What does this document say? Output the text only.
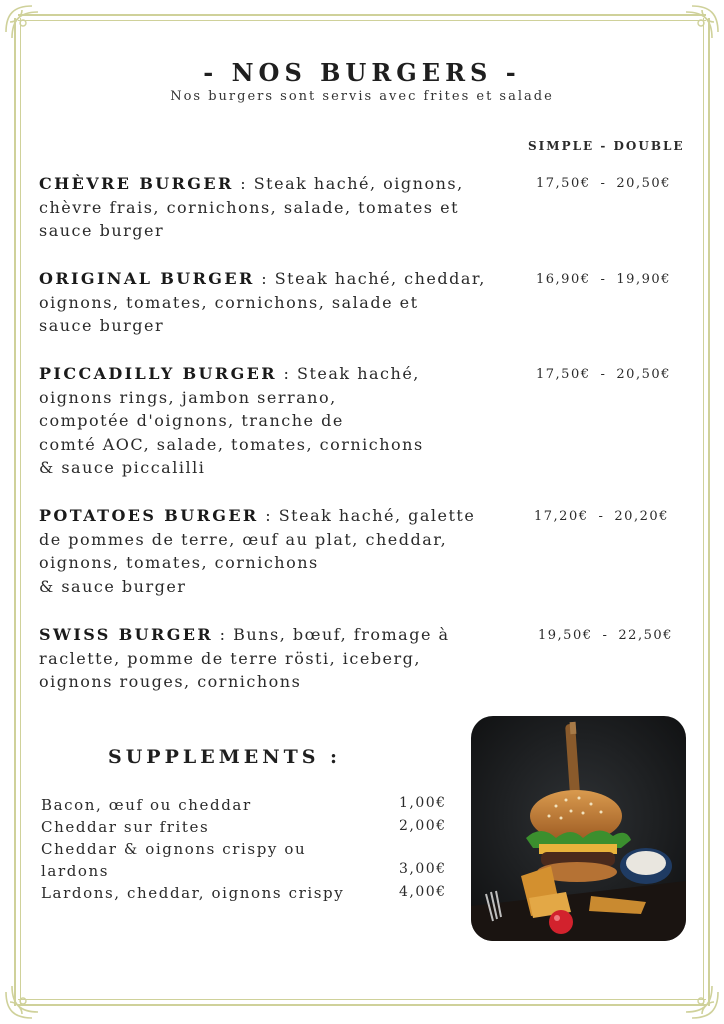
- NOS BURGERS -
Nos burgers sont servis avec frites et salade
SIMPLE - DOUBLE
CHÈVRE BURGER : Steak haché, oignons,
chèvre frais, cornichons, salade, tomates et
sauce burger
17,50€ - 20,50€
ORIGINAL BURGER : Steak haché, cheddar,
oignons, tomates, cornichons, salade et
sauce burger
16,90€ - 19,90€
PICCADILLY BURGER : Steak haché,
oignons rings, jambon serrano,
compotée d'oignons, tranche de
comté AOC, salade, tomates, cornichons
& sauce piccalilli
17,50€ - 20,50€
POTATOES BURGER : Steak haché, galette
de pommes de terre, œuf au plat, cheddar,
oignons, tomates, cornichons
& sauce burger
17,20€ - 20,20€
SWISS BURGER : Buns, bœuf, fromage à
raclette, pomme de terre rösti, iceberg,
oignons rouges, cornichons
19,50€ - 22,50€
SUPPLEMENTS :
Bacon, œuf ou cheddar
Cheddar sur frites
Cheddar & oignons crispy ou
lardons
Lardons, cheddar, oignons crispy
1,00€
2,00€
3,00€
4,00€
